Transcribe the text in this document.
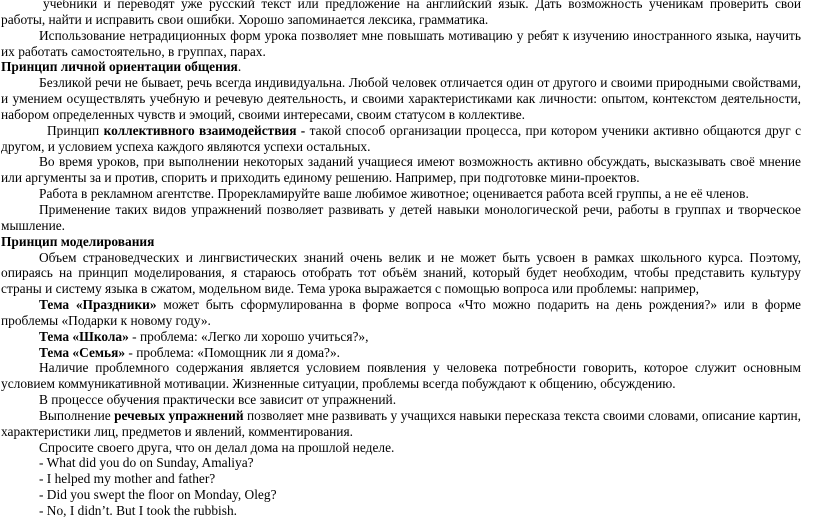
учебники и переводят уже русский текст или предложение на английский язык. Дать возможность ученикам проверить свои работы, найти и исправить свои ошибки. Хорошо запоминается лексика, грамматика.

Использование нетрадиционных форм урока позволяет мне повышать мотивацию у ребят к изучению иностранного языка, научить их работать самостоятельно, в группах, парах.

Принцип личной ориентации общения.

Безликой речи не бывает, речь всегда индивидуальна. Любой человек отличается один от другого и своими природными свойствами, и умением осуществлять учебную и речевую деятельность, и своими характеристиками как личности: опытом, контекстом деятельности, набором определенных чувств и эмоций, своими интересами, своим статусом в коллективе.

Принцип коллективного взаимодействия - такой способ организации процесса, при котором ученики активно общаются друг с другом, и условием успеха каждого являются успехи остальных.

Во время уроков, при выполнении некоторых заданий учащиеся имеют возможность активно обсуждать, высказывать своё мнение или аргументы за и против, спорить и приходить единому решению. Например, при подготовке мини-проектов.

Работа в рекламном агентстве. Прорекламируйте ваше любимое животное; оценивается работа всей группы, а не её членов.

Применение таких видов упражнений позволяет развивать у детей навыки монологической речи, работы в группах и творческое мышление.

Принцип моделирования

Объем страноведческих и лингвистических знаний очень велик и не может быть усвоен в рамках школьного курса. Поэтому, опираясь на принцип моделирования, я стараюсь отобрать тот объём знаний, который будет необходим, чтобы представить культуру страны и систему языка в сжатом, модельном виде. Тема урока выражается с помощью вопроса или проблемы: например,

Тема «Праздники» может быть сформулированна в форме вопроса «Что можно подарить на день рождения?» или в форме проблемы «Подарки к новому году».

Тема «Школа» - проблема: «Легко ли хорошо учиться?»,

Тема «Семья» - проблема: «Помощник ли я дома?».

Наличие проблемного содержания является условием появления у человека потребности говорить, которое служит основным условием коммуникативной мотивации. Жизненные ситуации, проблемы всегда побуждают к общению, обсуждению.

В процессе обучения практически все зависит от упражнений.

Выполнение речевых упражнений позволяет мне развивать у учащихся навыки пересказа текста своими словами, описание картин, характеристики лиц, предметов и явлений, комментирования.

Спросите своего друга, что он делал дома на прошлой неделе.

- What did you do on Sunday, Amaliya?

- I helped my mother and father?

- Did you swept the floor on Monday, Oleg?

- No, I didn’t. But I took the rubbish.
